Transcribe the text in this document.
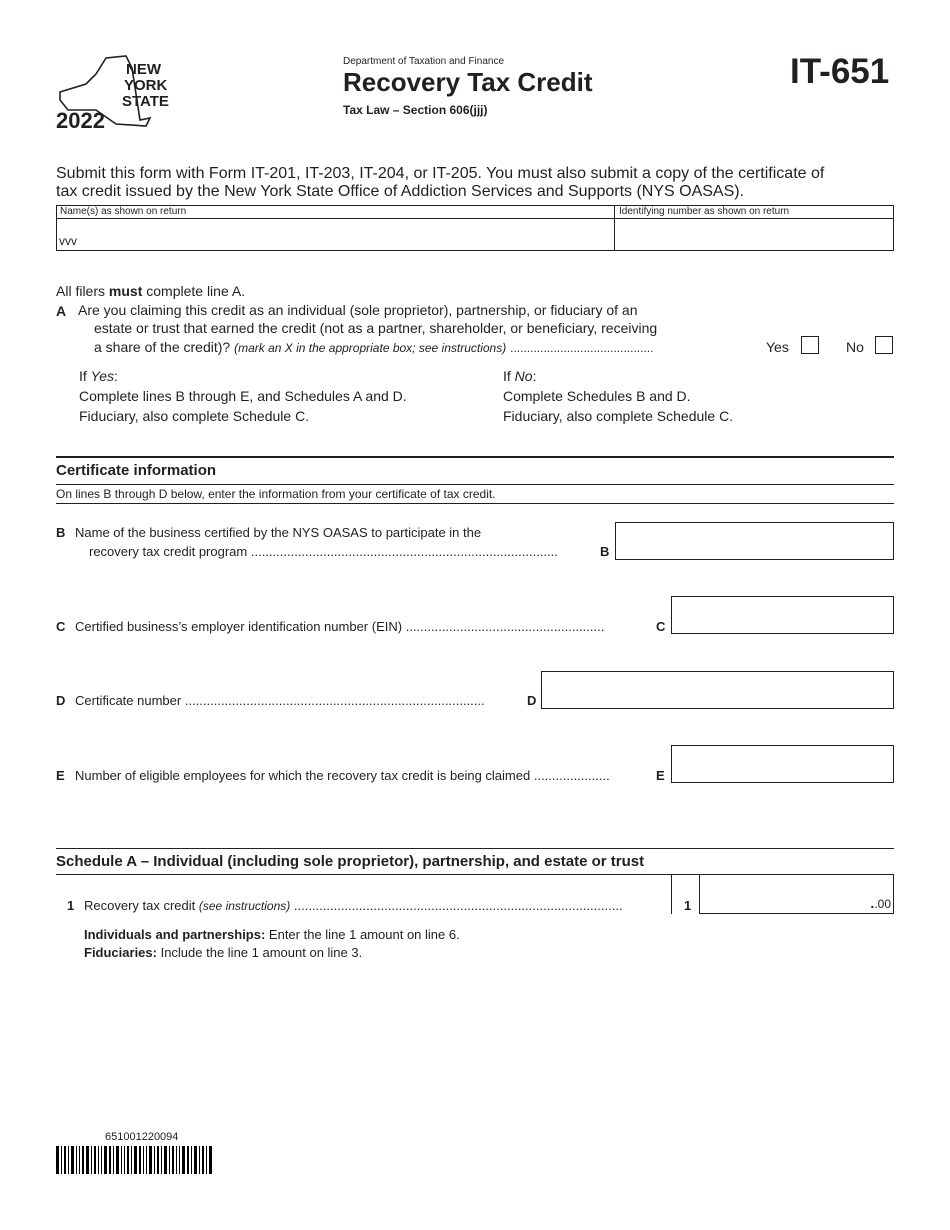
NEW
YORK
STATE
2022
Department of Taxation and Finance
Recovery Tax Credit
Tax Law – Section 606(jjj)
IT-651
Submit this form with Form IT-201, IT-203, IT-204, or IT-205. You must also submit a copy of the certificate of
tax credit issued by the New York State Office of Addiction Services and Supports (NYS OASAS).
Name(s) as shown on return	Identifying number as shown on return
vvv
All filers must complete line A.
A Are you claiming this credit as an individual (sole proprietor), partnership, or fiduciary of an
estate or trust that earned the credit (not as a partner, shareholder, or beneficiary, receiving
a share of the credit)? (mark an X in the appropriate box; see instructions) ...........................................	Yes	No
If Yes:
Complete lines B through E, and Schedules A and D.
Fiduciary, also complete Schedule C.
If No:
Complete Schedules B and D.
Fiduciary, also complete Schedule C.
Certificate information
On lines B through D below, enter the information from your certificate of tax credit.
B Name of the business certified by the NYS OASAS to participate in the
recovery tax credit program .....................................................................................	B
C Certified business’s employer identification number (EIN) .......................................................	C
D Certificate number ...................................................................................	D
E Number of eligible employees for which the recovery tax credit is being claimed .....................	E
Schedule A – Individual (including sole proprietor), partnership, and estate or trust
1 Recovery tax credit (see instructions) ...........................................................................................	1	..00
Individuals and partnerships: Enter the line 1 amount on line 6.
Fiduciaries: Include the line 1 amount on line 3.
651001220094
